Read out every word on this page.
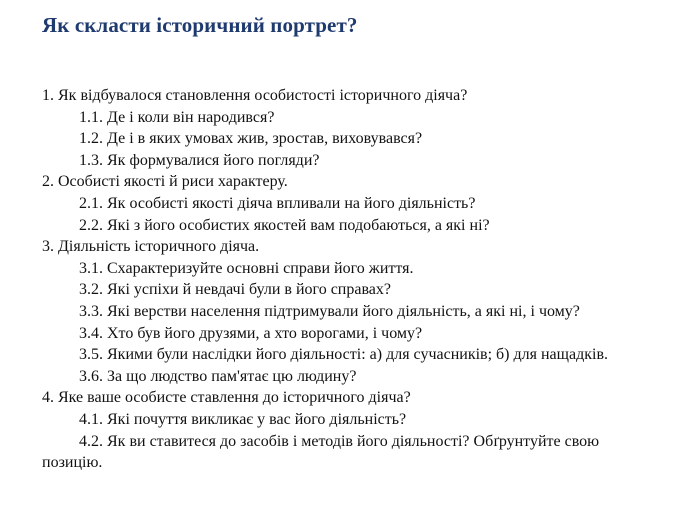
Як скласти історичний портрет?
1. Як відбувалося становлення особистості історичного діяча?
1.1. Де і коли він народився?
1.2. Де і в яких умовах жив, зростав, виховувався?
1.3. Як формувалися його погляди?
2. Особисті якості й риси характеру.
2.1. Як особисті якості діяча впливали на його діяльність?
2.2. Які з його особистих якостей вам подобаються, а які ні?
3. Діяльність історичного діяча.
3.1. Схарактеризуйте основні справи його життя.
3.2. Які успіхи й невдачі були в його справах?
3.3. Які верстви населення підтримували його діяльність, а які ні, і чому?
3.4. Хто був його друзями, а хто ворогами, і чому?
3.5. Якими були наслідки його діяльності: а) для сучасників; б) для нащадків.
3.6. За що людство пам'ятає цю людину?
4. Яке ваше особисте ставлення до історичного діяча?
4.1. Які почуття викликає у вас його діяльність?
4.2. Як ви ставитеся до засобів і методів його діяльності? Обґрунтуйте свою позицію.
